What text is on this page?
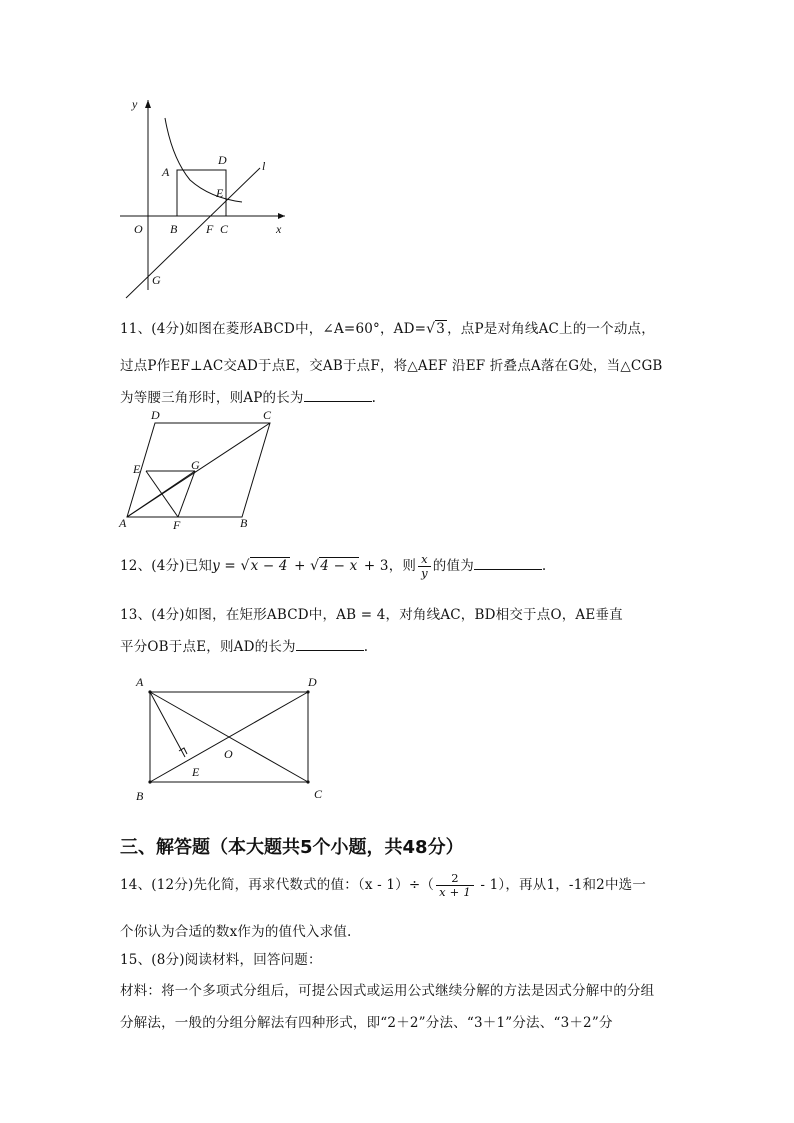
y
x
O
A
D
E
B F C
G
l
11、(4分)如图在菱形ABCD中，∠A=60°，AD=√3 ，点P是对角线AC上的一个动点，
过点P作EF⊥AC交AD于点E，交AB于点F，将△AEF 沿EF 折叠点A落在G处，当△CGB
为等腰三角形时，则AP的长为	.
D	C
E	G
A	F	B
12、(4分)已知y = √x − 4 + √4 − x + 3，则 $\frac{x}{y}$ 的值为	.
13、(4分)如图，在矩形ABCD中，AB = 4，对角线AC，BD相交于点O，AE垂直
平分OB于点E，则AD的长为	.
A	D
O
E
B	C
三、解答题（本大题共5个小题，共48分）
14、(12分)先化简，再求代数式的值：$(x - 1)\div( \frac{2}{x + 1} - 1)$，再从1，-1和2中选一
个你认为合适的数x作为的值代入求值.
15、(8分)阅读材料，回答问题：
材料：将一个多项式分组后，可提公因式或运用公式继续分解的方法是因式分解中的分组
分解法，一般的分组分解法有四种形式，即“2＋2”分法、“3＋1”分法、“3＋2”分
